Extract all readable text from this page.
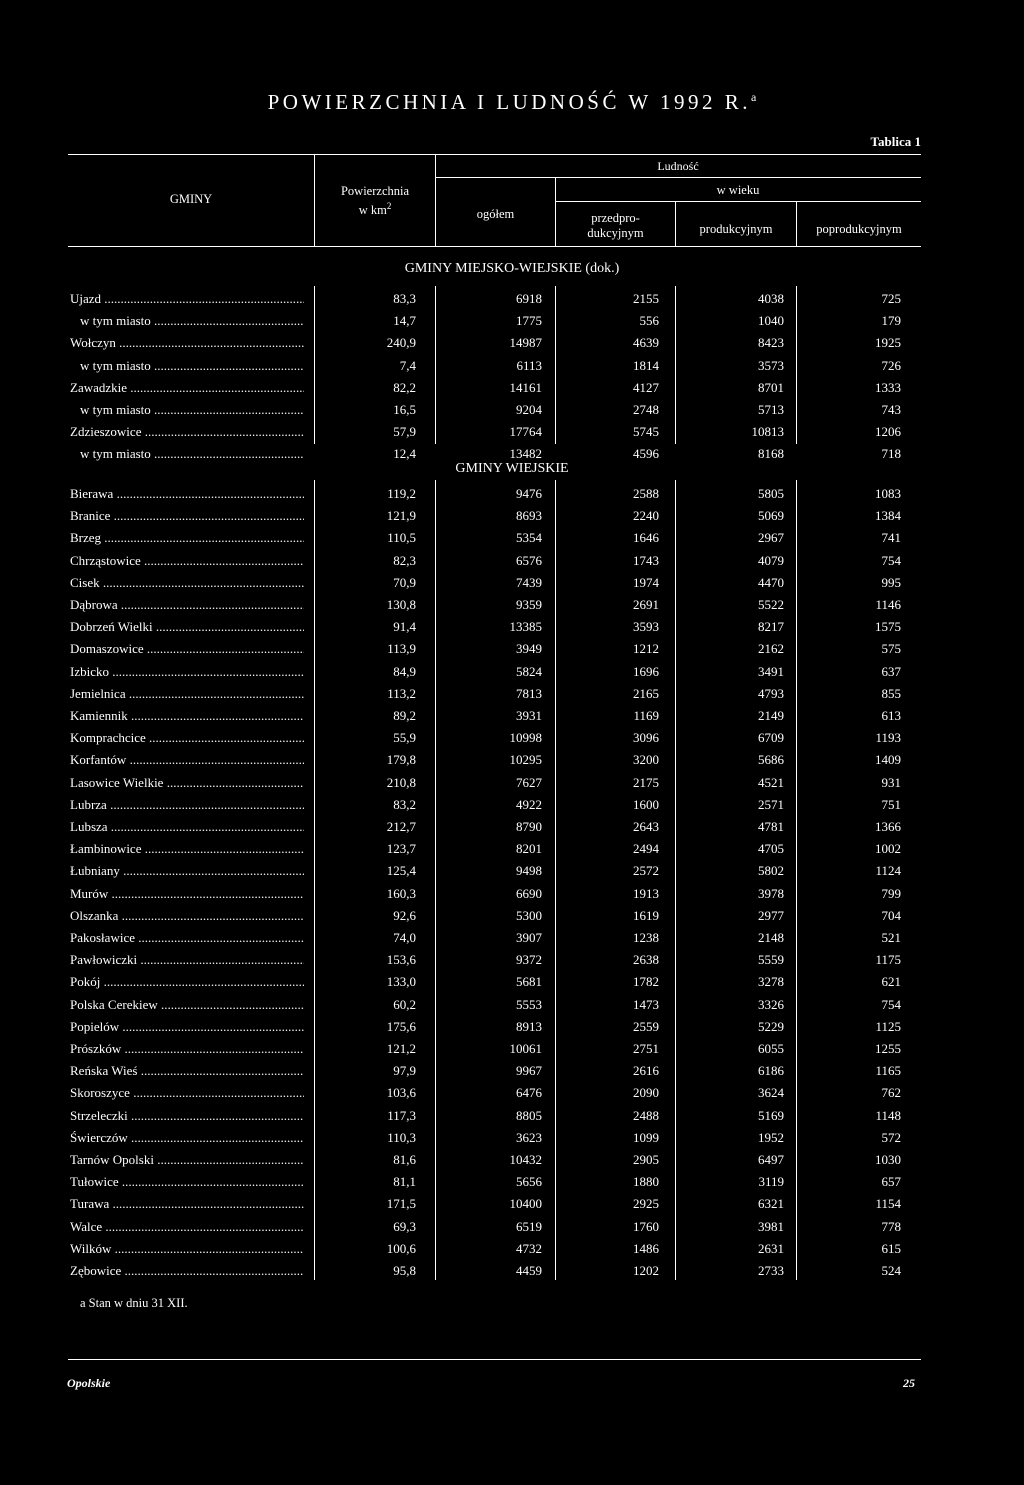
POWIERZCHNIA I LUDNOŚĆ W 1992 R.$^a$
Tablica 1
GMINY
Powierzchnia
w $km^2$
Ludność
ogółem
w wieku
przedpro-
dukcyjnym	produkcyjnym	poprodukcyjnym
GMINY MIEJSKO-WIEJSKIE (dok.)
Ujazd .....	83,3	6918	2155	4038	725
w tym miasto .....	14,7	1775	556	1040	179
Wołczyn .....	240,9	14987	4639	8423	1925
w tym miasto .....	7,4	6113	1814	3573	726
Zawadzkie .....	82,2	14161	4127	8701	1333
w tym miasto .....	16,5	9204	2748	5713	743
Zdzieszowice .....	57,9	17764	5745	10813	1206
w tym miasto .....	12,4	13482	4596	8168	718
GMINY WIEJSKIE
Bierawa .....	119,2	9476	2588	5805	1083
Branice .....	121,9	8693	2240	5069	1384
Brzeg .....	110,5	5354	1646	2967	741
Chrząstowice .....	82,3	6576	1743	4079	754
Cisek .....	70,9	7439	1974	4470	995
Dąbrowa .....	130,8	9359	2691	5522	1146
Dobrzeń Wielki .....	91,4	13385	3593	8217	1575
Domaszowice .....	113,9	3949	1212	2162	575
Izbicko .....	84,9	5824	1696	3491	637
Jemielnica .....	113,2	7813	2165	4793	855
Kamiennik .....	89,2	3931	1169	2149	613
Komprachcice .....	55,9	10998	3096	6709	1193
Korfantów .....	179,8	10295	3200	5686	1409
Lasowice Wielkie .....	210,8	7627	2175	4521	931
Lubrza .....	83,2	4922	1600	2571	751
Lubsza .....	212,7	8790	2643	4781	1366
Łambinowice .....	123,7	8201	2494	4705	1002
Łubniany .....	125,4	9498	2572	5802	1124
Murów .....	160,3	6690	1913	3978	799
Olszanka .....	92,6	5300	1619	2977	704
Pakosławice .....	74,0	3907	1238	2148	521
Pawłowiczki .....	153,6	9372	2638	5559	1175
Pokój .....	133,0	5681	1782	3278	621
Polska Cerekiew .....	60,2	5553	1473	3326	754
Popielów .....	175,6	8913	2559	5229	1125
Prószków .....	121,2	10061	2751	6055	1255
Reńska Wieś .....	97,9	9967	2616	6186	1165
Skoroszyce .....	103,6	6476	2090	3624	762
Strzeleczki .....	117,3	8805	2488	5169	1148
Świerczów .....	110,3	3623	1099	1952	572
Tarnów Opolski .....	81,6	10432	2905	6497	1030
Tułowice .....	81,1	5656	1880	3119	657
Turawa .....	171,5	10400	2925	6321	1154
Walce .....	69,3	6519	1760	3981	778
Wilków .....	100,6	4732	1486	2631	615
Zębowice .....	95,8	4459	1202	2733	524
a Stan w dniu 31 XII.
Opolskie	25
